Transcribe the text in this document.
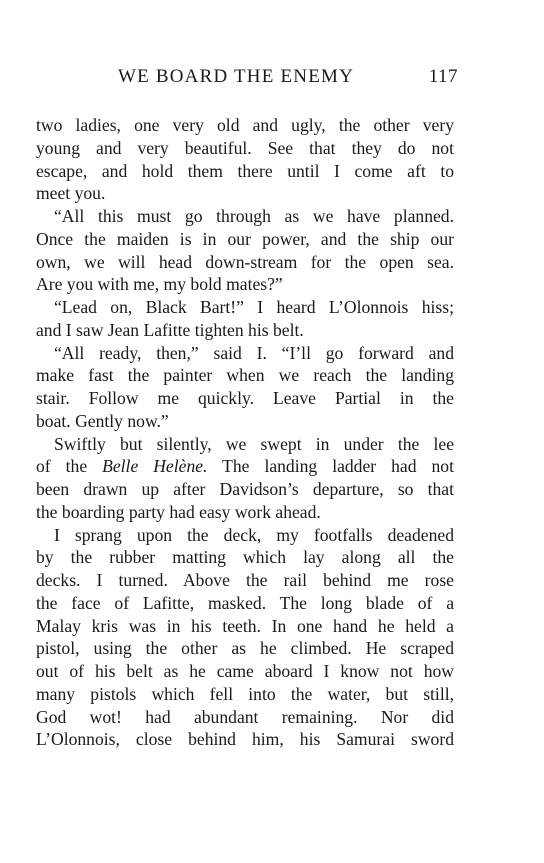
WE BOARD THE ENEMY	117

two ladies, one very old and ugly, the other very

young and very beautiful. See that they do not

escape, and hold them there until I come aft to

meet you.

“All this must go through as we have planned.

Once the maiden is in our power, and the ship our

own, we will head down-stream for the open sea.

Are you with me, my bold mates?”

“Lead on, Black Bart!” I heard L’Olonnois hiss;

and I saw Jean Lafitte tighten his belt.

“All ready, then,” said I. “I’ll go forward and

make fast the painter when we reach the landing

stair. Follow me quickly. Leave Partial in the

boat. Gently now.”

Swiftly but silently, we swept in under the lee

of the Belle Helène. The landing ladder had not

been drawn up after Davidson’s departure, so that

the boarding party had easy work ahead.

I sprang upon the deck, my footfalls deadened

by the rubber matting which lay along all the

decks. I turned. Above the rail behind me rose

the face of Lafitte, masked. The long blade of a

Malay kris was in his teeth. In one hand he held a

pistol, using the other as he climbed. He scraped

out of his belt as he came aboard I know not how

many pistols which fell into the water, but still,

God wot! had abundant remaining. Nor did

L’Olonnois, close behind him, his Samurai sword
